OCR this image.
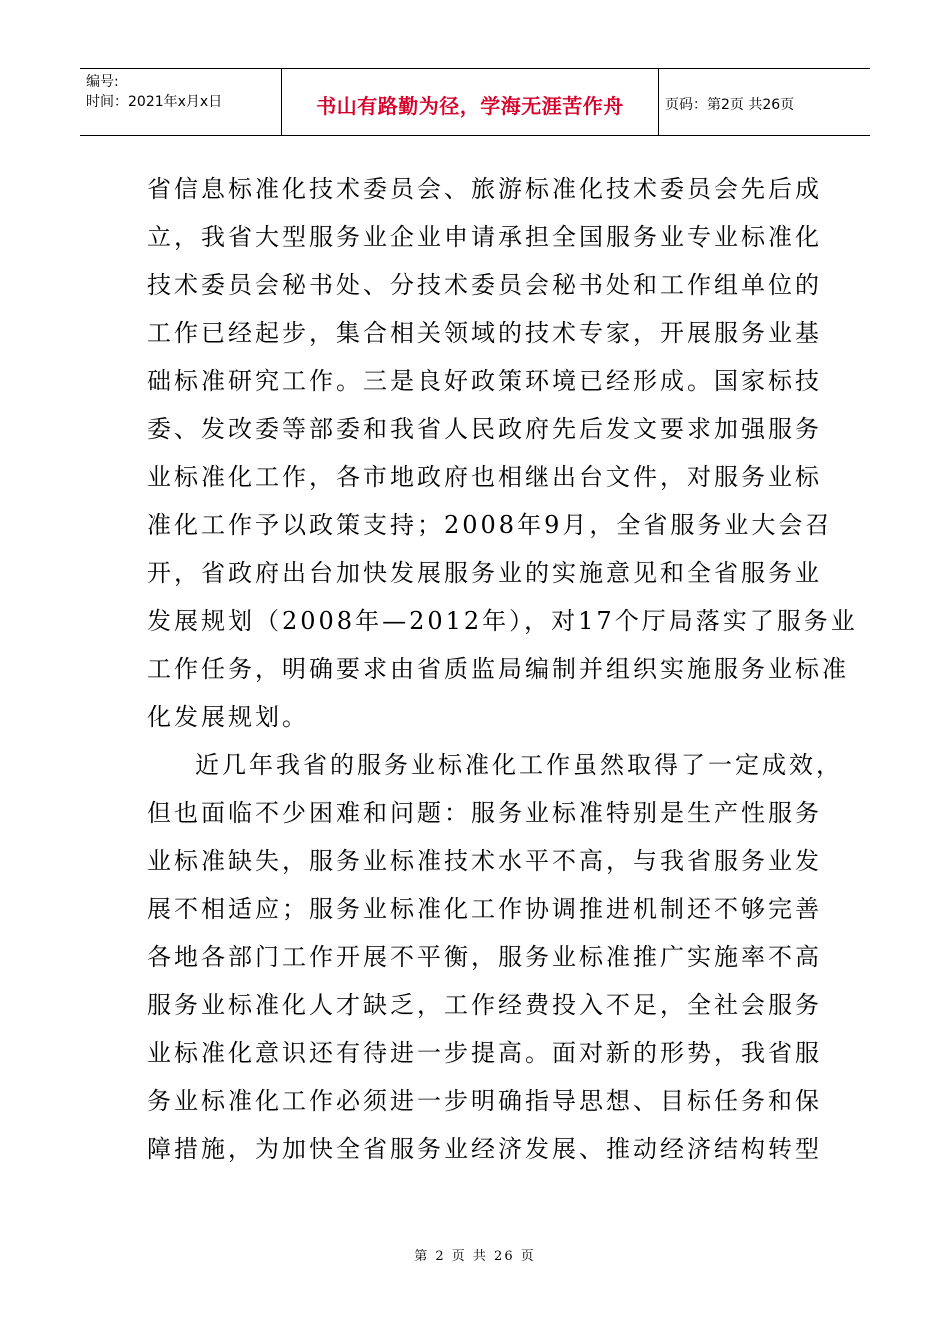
编号:
时间：2021年x月x日	书山有路勤为径，学海无涯苦作舟	页码：第2页 共26页
省信息标准化技术委员会、旅游标准化技术委员会先后成
立，我省大型服务业企业申请承担全国服务业专业标准化
技术委员会秘书处、分技术委员会秘书处和工作组单位的
工作已经起步，集合相关领域的技术专家，开展服务业基
础标准研究工作。三是良好政策环境已经形成。国家标技
委、发改委等部委和我省人民政府先后发文要求加强服务
业标准化工作，各市地政府也相继出台文件，对服务业标
准化工作予以政策支持；2008年9月，全省服务业大会召
开，省政府出台加快发展服务业的实施意见和全省服务业
发展规划（2008年—2012年），对17个厅局落实了服务业
工作任务，明确要求由省质监局编制并组织实施服务业标准
化发展规划。
近几年我省的服务业标准化工作虽然取得了一定成效，
但也面临不少困难和问题：服务业标准特别是生产性服务
业标准缺失，服务业标准技术水平不高，与我省服务业发
展不相适应；服务业标准化工作协调推进机制还不够完善
各地各部门工作开展不平衡，服务业标准推广实施率不高
服务业标准化人才缺乏，工作经费投入不足，全社会服务
业标准化意识还有待进一步提高。面对新的形势，我省服
务业标准化工作必须进一步明确指导思想、目标任务和保
障措施，为加快全省服务业经济发展、推动经济结构转型
第 2 页 共 26 页
